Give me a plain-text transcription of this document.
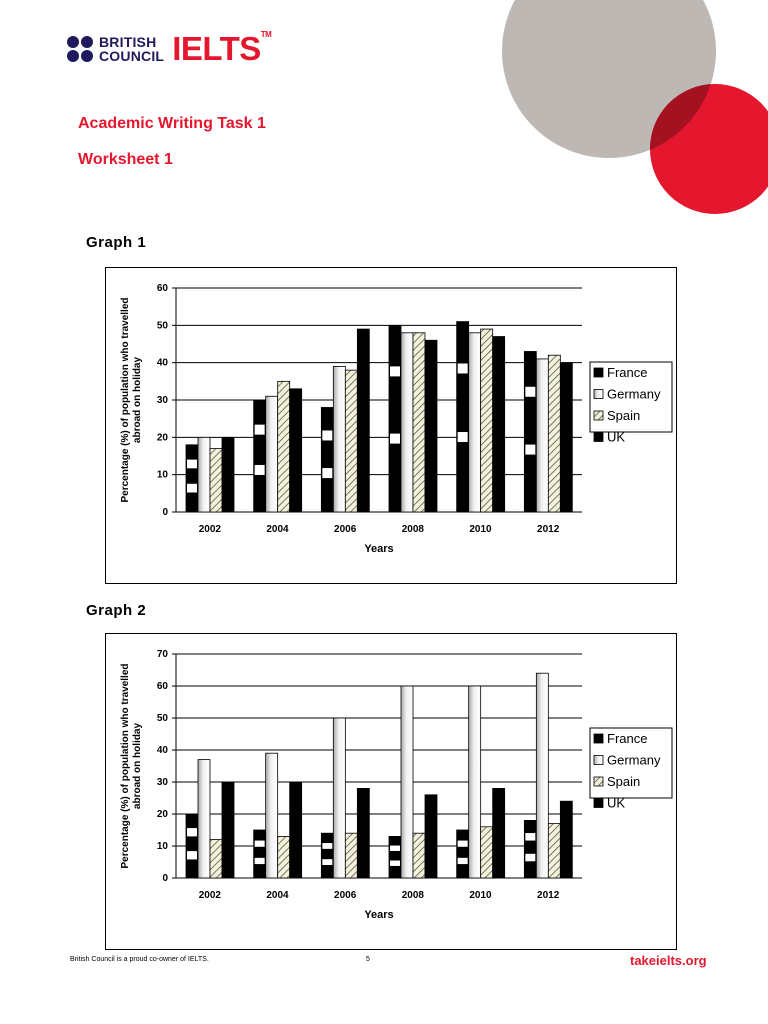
BRITISH
COUNCIL IELTS™
Academic Writing Task 1
Worksheet 1
Graph 1
0
10
20
30
40
50
60
2002	2004	2006	2008	2010	2012
Years
Percentage (%) of population who travelled abroad on holiday	France
Germany
Spain
UK
Graph 2
0
10
20
30
40
50
60
70
2002	2004	2006	2008	2010	2012
Years
Percentage (%) of population who travelled abroad on holiday	France
Germany
Spain
UK
British Council is a proud co-owner of IELTS.	5	takeielts.org
